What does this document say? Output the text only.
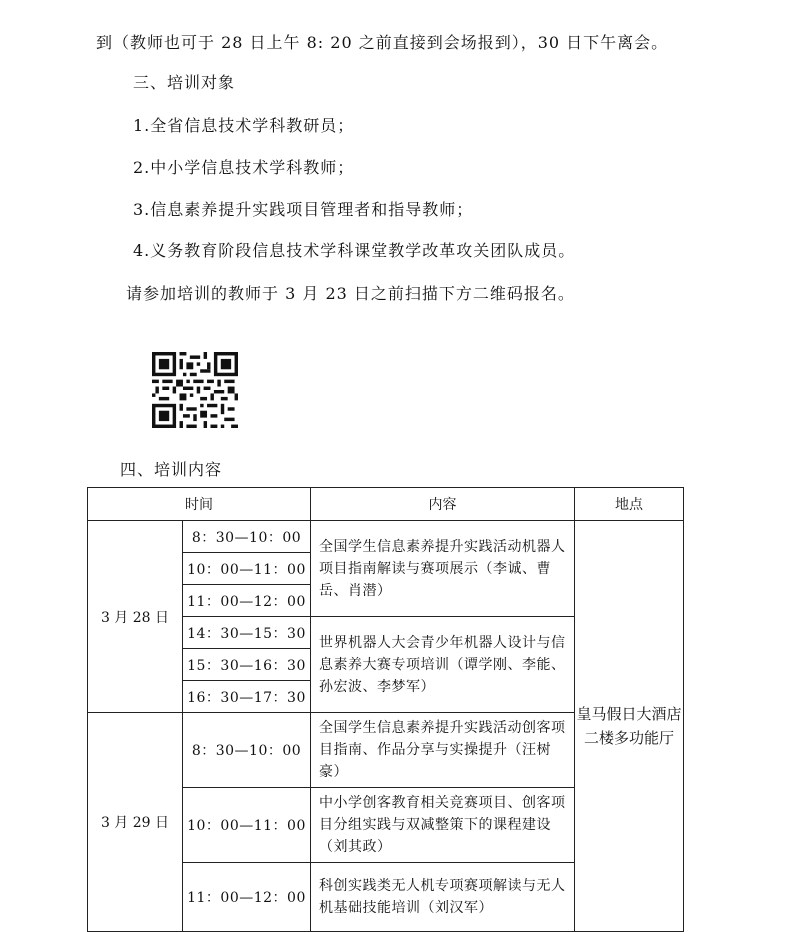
到（教师也可于 28 日上午 8: 20 之前直接到会场报到），30 日下午离会。
三、培训对象
1.全省信息技术学科教研员；
2.中小学信息技术学科教师；
3.信息素养提升实践项目管理者和指导教师；
4.义务教育阶段信息技术学科课堂教学改革攻关团队成员。
请参加培训的教师于 3 月 23 日之前扫描下方二维码报名。
四、培训内容
时间		内容	地点
3 月 28 日	8：30—10：00	全国学生信息素养提升实践活动机器人项目指南解读与赛项展示（李诚、曹岳、肖潜）	皇马假日大酒店二楼多功能厅
	10：00—11：00		
	11：00—12：00		
	14：30—15：30	世界机器人大会青少年机器人设计与信息素养大赛专项培训（谭学刚、李能、孙宏波、李梦军）	
	15：30—16：30		
	16：30—17：30		
3 月 29 日	8：30—10：00	全国学生信息素养提升实践活动创客项目指南、作品分享与实操提升（汪树豪）	
	10：00—11：00	中小学创客教育相关竞赛项目、创客项目分组实践与双减整策下的课程建设（刘其政）	
	11：00—12：00	科创实践类无人机专项赛项解读与无人机基础技能培训（刘汉军）	
